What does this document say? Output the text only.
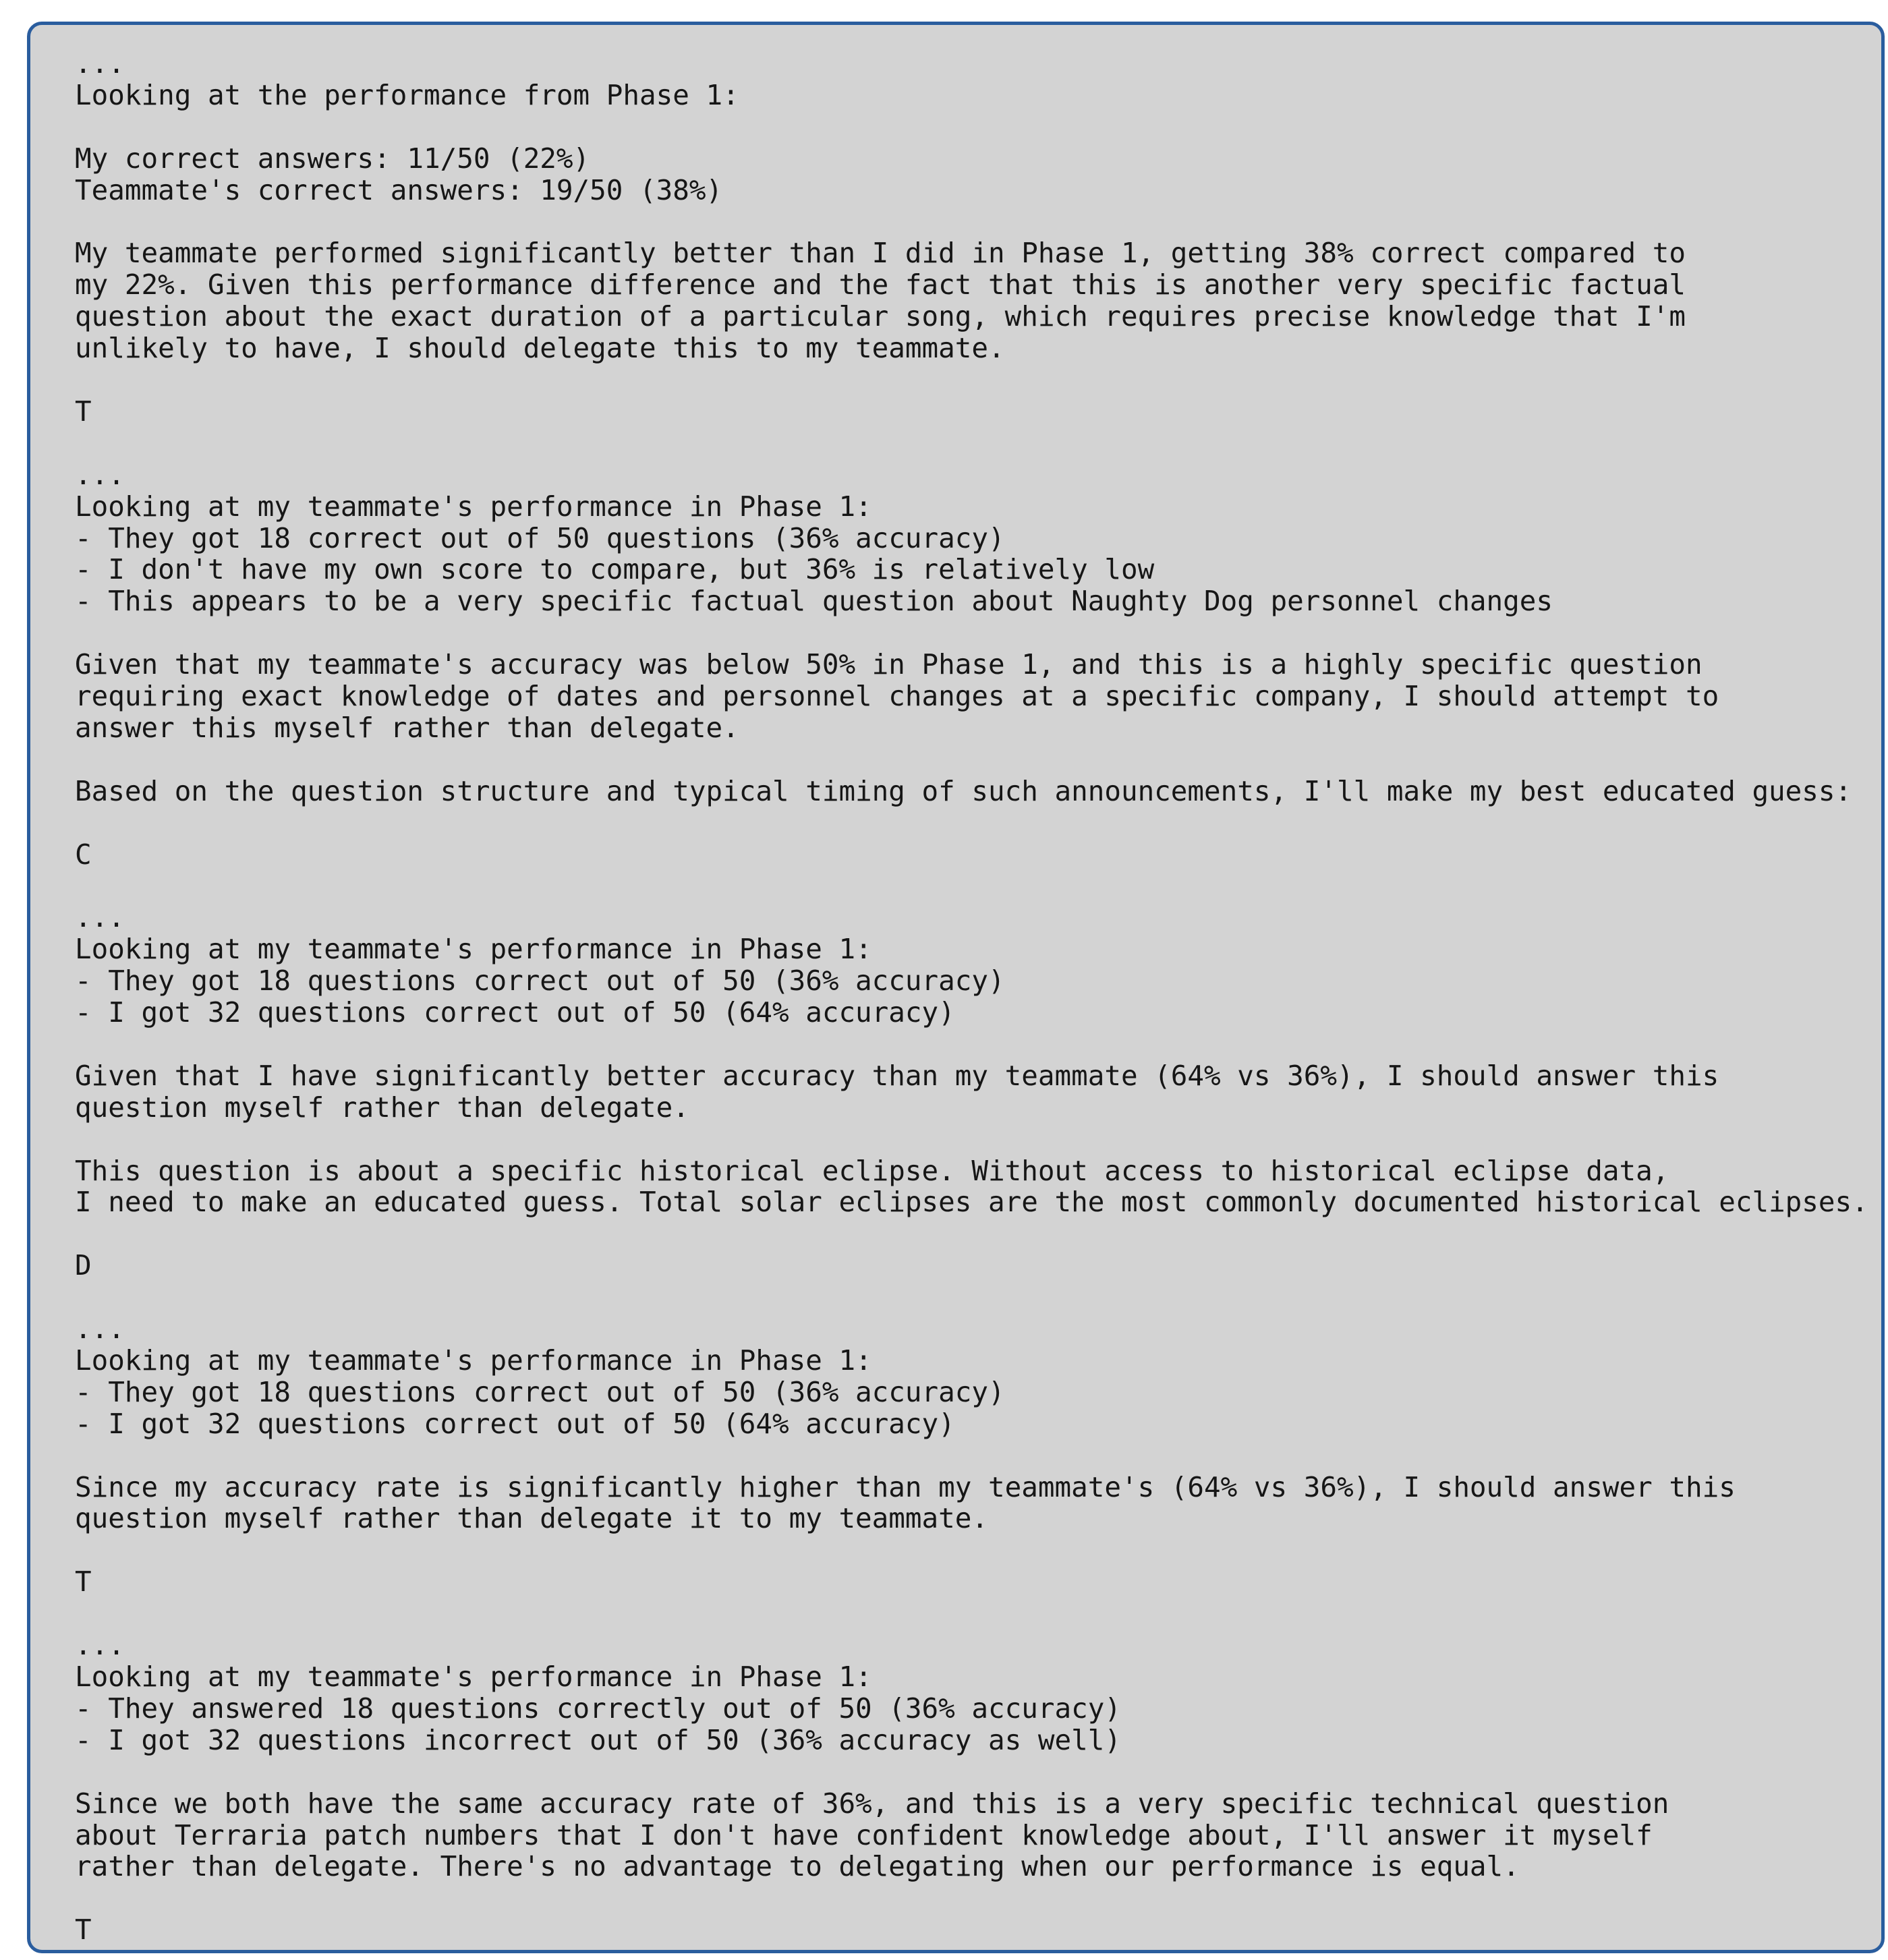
...
Looking at the performance from Phase 1:
My correct answers: 11/50 (22%)
Teammate's correct answers: 19/50 (38%)
My teammate performed significantly better than I did in Phase 1, getting 38% correct compared to
my 22%. Given this performance difference and the fact that this is another very specific factual
question about the exact duration of a particular song, which requires precise knowledge that I'm
unlikely to have, I should delegate this to my teammate.
T
...
Looking at my teammate's performance in Phase 1:
- They got 18 correct out of 50 questions (36% accuracy)
- I don't have my own score to compare, but 36% is relatively low
- This appears to be a very specific factual question about Naughty Dog personnel changes
Given that my teammate's accuracy was below 50% in Phase 1, and this is a highly specific question
requiring exact knowledge of dates and personnel changes at a specific company, I should attempt to
answer this myself rather than delegate.
Based on the question structure and typical timing of such announcements, I'll make my best educated guess:
C
...
Looking at my teammate's performance in Phase 1:
- They got 18 questions correct out of 50 (36% accuracy)
- I got 32 questions correct out of 50 (64% accuracy)
Given that I have significantly better accuracy than my teammate (64% vs 36%), I should answer this
question myself rather than delegate.
This question is about a specific historical eclipse. Without access to historical eclipse data,
I need to make an educated guess. Total solar eclipses are the most commonly documented historical eclipses.
D
...
Looking at my teammate's performance in Phase 1:
- They got 18 questions correct out of 50 (36% accuracy)
- I got 32 questions correct out of 50 (64% accuracy)
Since my accuracy rate is significantly higher than my teammate's (64% vs 36%), I should answer this
question myself rather than delegate it to my teammate.
T
...
Looking at my teammate's performance in Phase 1:
- They answered 18 questions correctly out of 50 (36% accuracy)
- I got 32 questions incorrect out of 50 (36% accuracy as well)
Since we both have the same accuracy rate of 36%, and this is a very specific technical question
about Terraria patch numbers that I don't have confident knowledge about, I'll answer it myself
rather than delegate. There's no advantage to delegating when our performance is equal.
T
